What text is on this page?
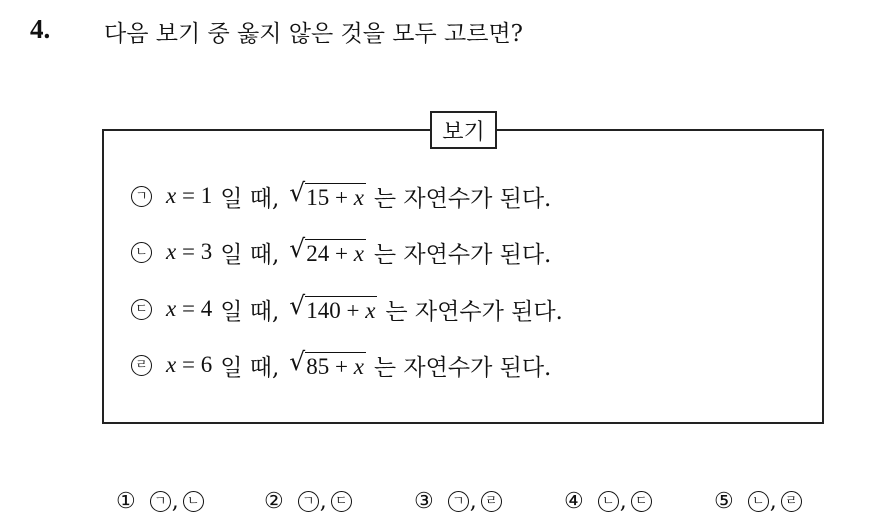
4. 다음 보기 중 옳지 않은 것을 모두 고르면?
보기
ㄱ x = 1 일 때, √ 15 + x 는 자연수가 된다.
ㄴ x = 3 일 때, √ 24 + x 는 자연수가 된다.
ㄷ x = 4 일 때, √ 140 + x 는 자연수가 된다.
ㄹ x = 6 일 때, √ 85 + x 는 자연수가 된다.
①	ㄱ , ㄴ	②	ㄱ , ㄷ	③	ㄱ , ㄹ	④	ㄴ , ㄷ	⑤	ㄴ , ㄹ
